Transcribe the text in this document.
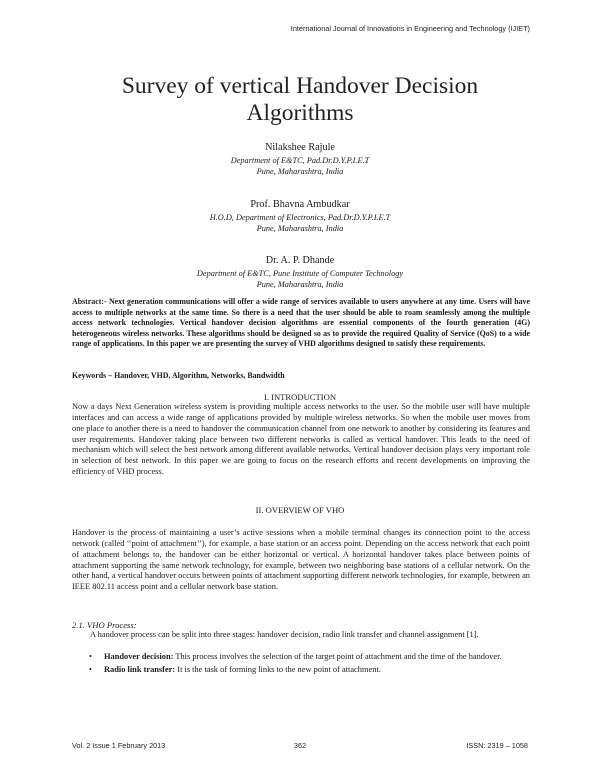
International Journal of Innovations in Engineering and Technology (IJIET)
Survey of vertical Handover Decision
Algorithms
Nilakshee Rajule
Department of E&TC, Pad.Dr.D.Y.P.I.E.T
Pune, Maharashtra, India
Prof. Bhavna Ambudkar
H.O.D, Department of Electronics, Pad.Dr.D.Y.P.I.E.T
Pune, Maharashtra, India
Dr. A. P. Dhande
Department of E&TC, Pune Institute of Computer Technology
Pune, Maharashtra, India

Abstract:- Next generation communications will offer a wide range of services available to users anywhere at any time. Users will have access to multiple networks at the same time. So there is a need that the user should be able to roam seamlessly among the multiple access network technologies. Vertical handover decision algorithms are essential components of the fourth generation (4G) heterogeneous wireless networks. These algorithms should be designed so as to provide the required Quality of Service (QoS) to a wide range of applications. In this paper we are presenting the survey of VHD algorithms designed to satisfy these requirements.

Keywords – Handover, VHD, Algorithm, Networks, Bandwidth

I. INTRODUCTION

Now a days Next Generation wireless system is providing multiple access networks to the user. So the mobile user will have multiple interfaces and can access a wide range of applications provided by multiple wireless networks. So when the mobile user moves from one place to another there is a need to handover the communication channel from one network to another by considering its features and user requirements. Handover taking place between two different networks is called as vertical handover. This leads to the need of mechanism which will select the best network among different available networks. Vertical handover decision plays very important role in selection of best network. In this paper we are going to focus on the research efforts and recent developments on improving the efficiency of VHD process.

II. OVERVIEW OF VHO

Handover is the process of maintaining a user’s active sessions when a mobile terminal changes its connection point to the access network (called ‘‘point of attachment’’), for example, a base station or an access point. Depending on the access network that each point of attachment belongs to, the handover can be either horizontal or vertical. A horizontal handover takes place between points of attachment supporting the same network technology, for example, between two neighboring base stations of a cellular network. On the other hand, a vertical handover occurs between points of attachment supporting different network technologies, for example, between an IEEE 802.11 access point and a cellular network base station.

2.1. VHO Process:

A handover process can be split into three stages: handover decision, radio link transfer and channel assignment [1].

• Handover decision: This process involves the selection of the target point of attachment and the time of the handover.
• Radio link transfer: It is the task of forming links to the new point of attachment.
Vol. 2 Issue 1 February 2013	362	ISSN: 2319 – 1058
